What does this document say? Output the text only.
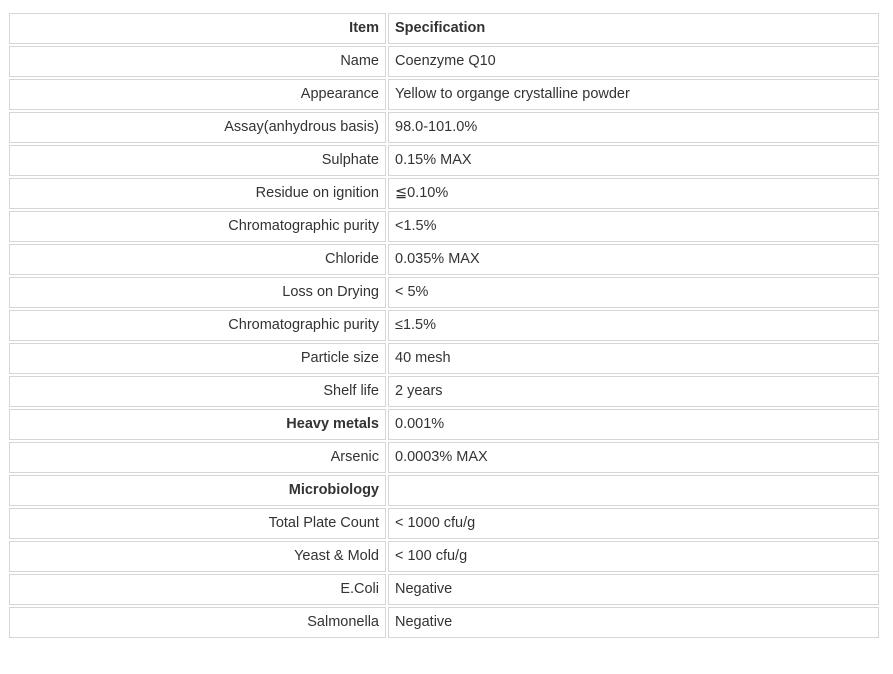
Item	Specification
Name	Coenzyme Q10
Appearance	Yellow to organge crystalline powder
Assay(anhydrous basis)	98.0-101.0%
Sulphate	0.15% MAX
Residue on ignition	≦0.10%
Chromatographic purity	<1.5%
Chloride	0.035% MAX
Loss on Drying	< 5%
Chromatographic purity	≤1.5%
Particle size	40 mesh
Shelf life	2 years
Heavy metals	0.001%
Arsenic	0.0003% MAX
Microbiology	
Total Plate Count	< 1000 cfu/g
Yeast & Mold	< 100 cfu/g
E.Coli	Negative
Salmonella	Negative
